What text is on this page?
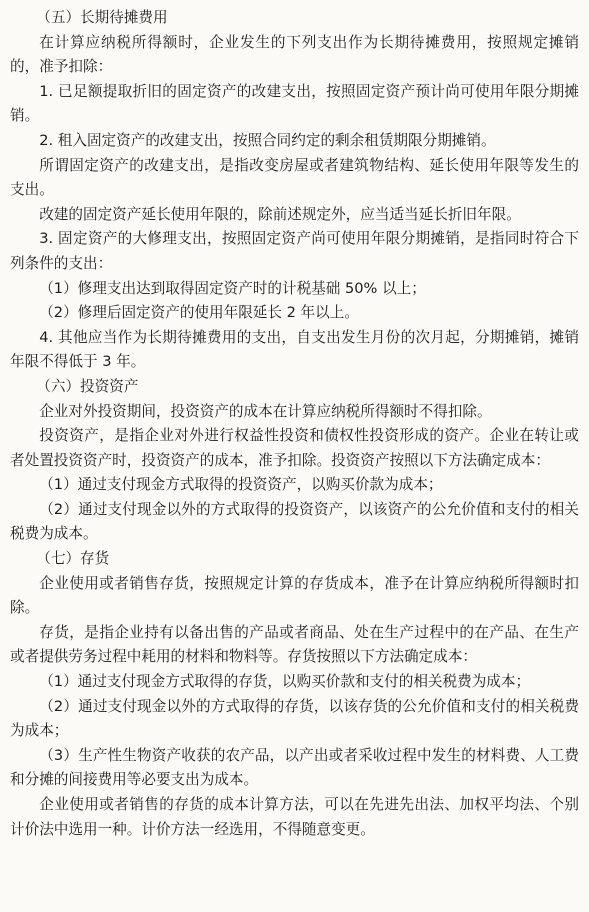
（五）长期待摊费用

在计算应纳税所得额时，企业发生的下列支出作为长期待摊费用，按照规定摊销的，准予扣除：

1. 已足额提取折旧的固定资产的改建支出，按照固定资产预计尚可使用年限分期摊销。

2. 租入固定资产的改建支出，按照合同约定的剩余租赁期限分期摊销。

所谓固定资产的改建支出，是指改变房屋或者建筑物结构、延长使用年限等发生的支出。

改建的固定资产延长使用年限的，除前述规定外，应当适当延长折旧年限。

3. 固定资产的大修理支出，按照固定资产尚可使用年限分期摊销，是指同时符合下列条件的支出：

（1）修理支出达到取得固定资产时的计税基础 50% 以上；

（2）修理后固定资产的使用年限延长 2 年以上。

4. 其他应当作为长期待摊费用的支出，自支出发生月份的次月起，分期摊销，摊销年限不得低于 3 年。

（六）投资资产

企业对外投资期间，投资资产的成本在计算应纳税所得额时不得扣除。

投资资产，是指企业对外进行权益性投资和债权性投资形成的资产。企业在转让或者处置投资资产时，投资资产的成本，准予扣除。投资资产按照以下方法确定成本：

（1）通过支付现金方式取得的投资资产，以购买价款为成本；

（2）通过支付现金以外的方式取得的投资资产，以该资产的公允价值和支付的相关税费为成本。

（七）存货

企业使用或者销售存货，按照规定计算的存货成本，准予在计算应纳税所得额时扣除。

存货，是指企业持有以备出售的产品或者商品、处在生产过程中的在产品、在生产或者提供劳务过程中耗用的材料和物料等。存货按照以下方法确定成本：

（1）通过支付现金方式取得的存货，以购买价款和支付的相关税费为成本；

（2）通过支付现金以外的方式取得的存货，以该存货的公允价值和支付的相关税费为成本；

（3）生产性生物资产收获的农产品，以产出或者采收过程中发生的材料费、人工费和分摊的间接费用等必要支出为成本。

企业使用或者销售的存货的成本计算方法，可以在先进先出法、加权平均法、个别计价法中选用一种。计价方法一经选用，不得随意变更。
